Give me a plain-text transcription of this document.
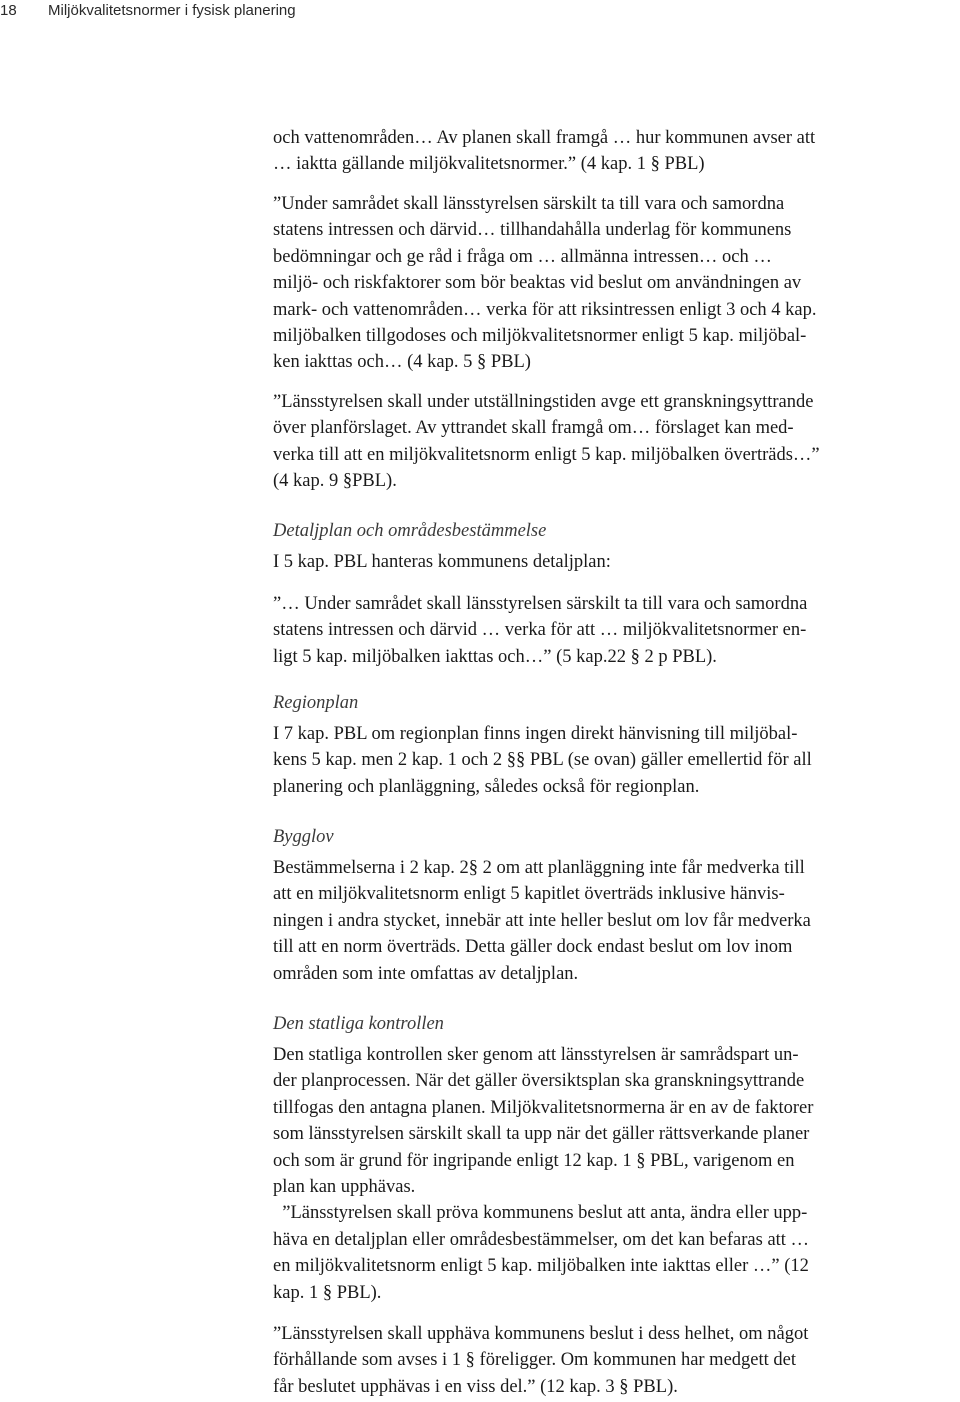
18 Miljökvalitetsnormer i fysisk planering
och vattenområden… Av planen skall framgå … hur kommunen avser att
… iaktta gällande miljökvalitetsnormer.” (4 kap. 1 § PBL)
”Under samrådet skall länsstyrelsen särskilt ta till vara och samordna
statens intressen och därvid… tillhandahålla underlag för kommunens
bedömningar och ge råd i fråga om … allmänna intressen… och …
miljö- och riskfaktorer som bör beaktas vid beslut om användningen av
mark- och vattenområden… verka för att riksintressen enligt 3 och 4 kap.
miljöbalken tillgodoses och miljökvalitetsnormer enligt 5 kap. miljöbal-
ken iakttas och… (4 kap. 5 § PBL)
”Länsstyrelsen skall under utställningstiden avge ett granskningsyttrande
över planförslaget. Av yttrandet skall framgå om… förslaget kan med-
verka till att en miljökvalitetsnorm enligt 5 kap. miljöbalken överträds…”
(4 kap. 9 §PBL).
Detaljplan och områdesbestämmelse
I 5 kap. PBL hanteras kommunens detaljplan:
”… Under samrådet skall länsstyrelsen särskilt ta till vara och samordna
statens intressen och därvid … verka för att … miljökvalitetsnormer en-
ligt 5 kap. miljöbalken iakttas och…” (5 kap.22 § 2 p PBL).
Regionplan
I 7 kap. PBL om regionplan finns ingen direkt hänvisning till miljöbal-
kens 5 kap. men 2 kap. 1 och 2 §§ PBL (se ovan) gäller emellertid för all
planering och planläggning, således också för regionplan.
Bygglov
Bestämmelserna i 2 kap. 2§ 2 om att planläggning inte får medverka till
att en miljökvalitetsnorm enligt 5 kapitlet överträds inklusive hänvis-
ningen i andra stycket, innebär att inte heller beslut om lov får medverka
till att en norm överträds. Detta gäller dock endast beslut om lov inom
områden som inte omfattas av detaljplan.
Den statliga kontrollen
Den statliga kontrollen sker genom att länsstyrelsen är samrådspart un-
der planprocessen. När det gäller översiktsplan ska granskningsyttrande
tillfogas den antagna planen. Miljökvalitetsnormerna är en av de faktorer
som länsstyrelsen särskilt skall ta upp när det gäller rättsverkande planer
och som är grund för ingripande enligt 12 kap. 1 § PBL, varigenom en
plan kan upphävas.
”Länsstyrelsen skall pröva kommunens beslut att anta, ändra eller upp-
häva en detaljplan eller områdesbestämmelser, om det kan befaras att …
en miljökvalitetsnorm enligt 5 kap. miljöbalken inte iakttas eller …” (12
kap. 1 § PBL).
”Länsstyrelsen skall upphäva kommunens beslut i dess helhet, om något
förhållande som avses i 1 § föreligger. Om kommunen har medgett det
får beslutet upphävas i en viss del.” (12 kap. 3 § PBL).
